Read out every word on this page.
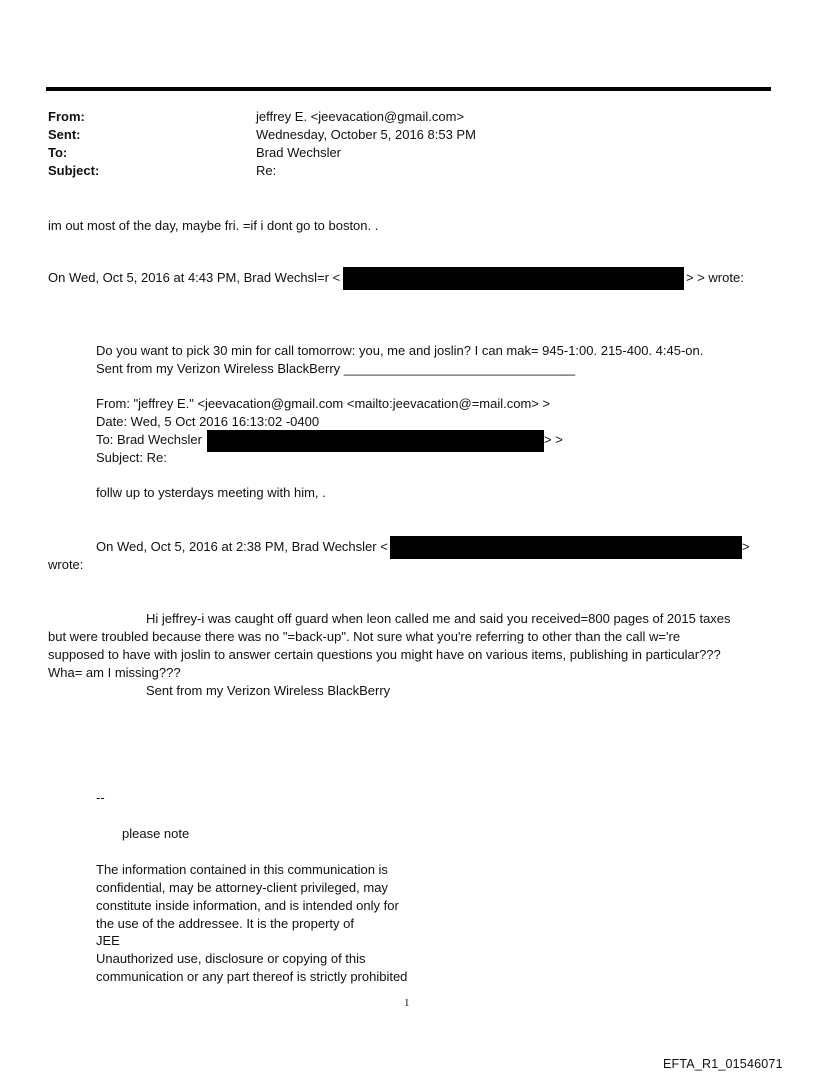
From:	jeffrey E. <jeevacation@gmail.com>
Sent:	Wednesday, October 5, 2016 8:53 PM
To:	Brad Wechsler
Subject:	Re:
im out most of the day, maybe fri. =if i dont go to boston. .
On Wed, Oct 5, 2016 at 4:43 PM, Brad Wechsl=r <	> > wrote:
Do you want to pick 30 min for call tomorrow: you, me and joslin? I can mak= 945-1:00. 215-400. 4:45-on.
Sent from my Verizon Wireless BlackBerry ________________________________
From: "jeffrey E." <jeevacation@gmail.com <mailto:jeevacation@=mail.com> >
Date: Wed, 5 Oct 2016 16:13:02 -0400
To: Brad Wechsler	> >
Subject: Re:
follw up to ysterdays meeting with him, .
On Wed, Oct 5, 2016 at 2:38 PM, Brad Wechsler <	>
wrote:
Hi jeffrey-i was caught off guard when leon called me and said you received=800 pages of 2015 taxes
but were troubled because there was no "=back-up". Not sure what you're referring to other than the call w='re
supposed to have with joslin to answer certain questions you might have on various items, publishing in particular???
Wha= am I missing???
Sent from my Verizon Wireless BlackBerry
--
please note
The information contained in this communication is
confidential, may be attorney-client privileged, may
constitute inside information, and is intended only for
the use of the addressee. It is the property of
JEE
Unauthorized use, disclosure or copying of this
communication or any part thereof is strictly prohibited
1
EFTA_R1_01546071
